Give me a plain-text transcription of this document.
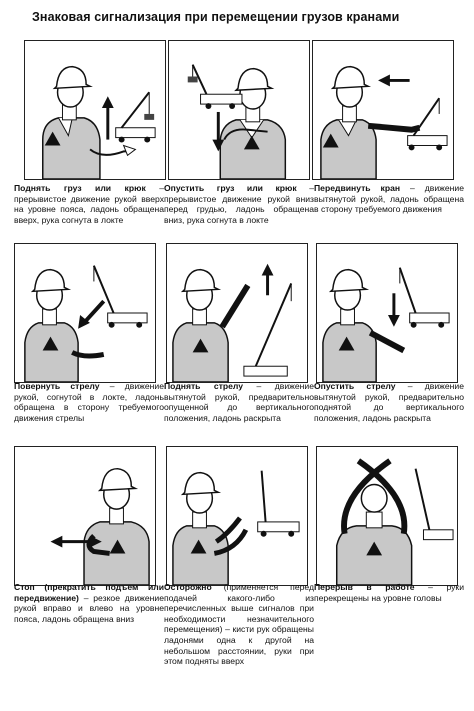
Знаковая сигнализация при перемещении грузов кранами
Поднять груз или крюк – прерывистое движение рукой вверх на уровне пояса, ладонь обращена вверх, рука согнута в локте
Опустить груз или крюк – прерывистое движение рукой вниз перед грудью, ладонь обращена вниз, рука согнута в локте
Передвинуть кран – движение вытянутой рукой, ладонь обращена в сторону требуемого движения
Повернуть стрелу – движение рукой, согнутой в локте, ладонь обращена в сторону требуемого движения стрелы
Поднять стрелу – движение вытянутой рукой, предварительно опущенной до вертикального положения, ладонь раскрыта
Опустить стрелу – движение вытянутой рукой, предварительно поднятой до вертикального положения, ладонь раскрыта
Стоп (прекратить подъем или передвижение) – резкое движение рукой вправо и влево на уровне пояса, ладонь обращена вниз
Осторожно (применяется перед подачей какого-либо из перечисленных выше сигналов при необходимости незначительного перемещения) – кисти рук обращены ладонями одна к другой на небольшом расстоянии, руки при этом подняты вверх
Перерыв в работе – руки перекрещены на уровне головы
